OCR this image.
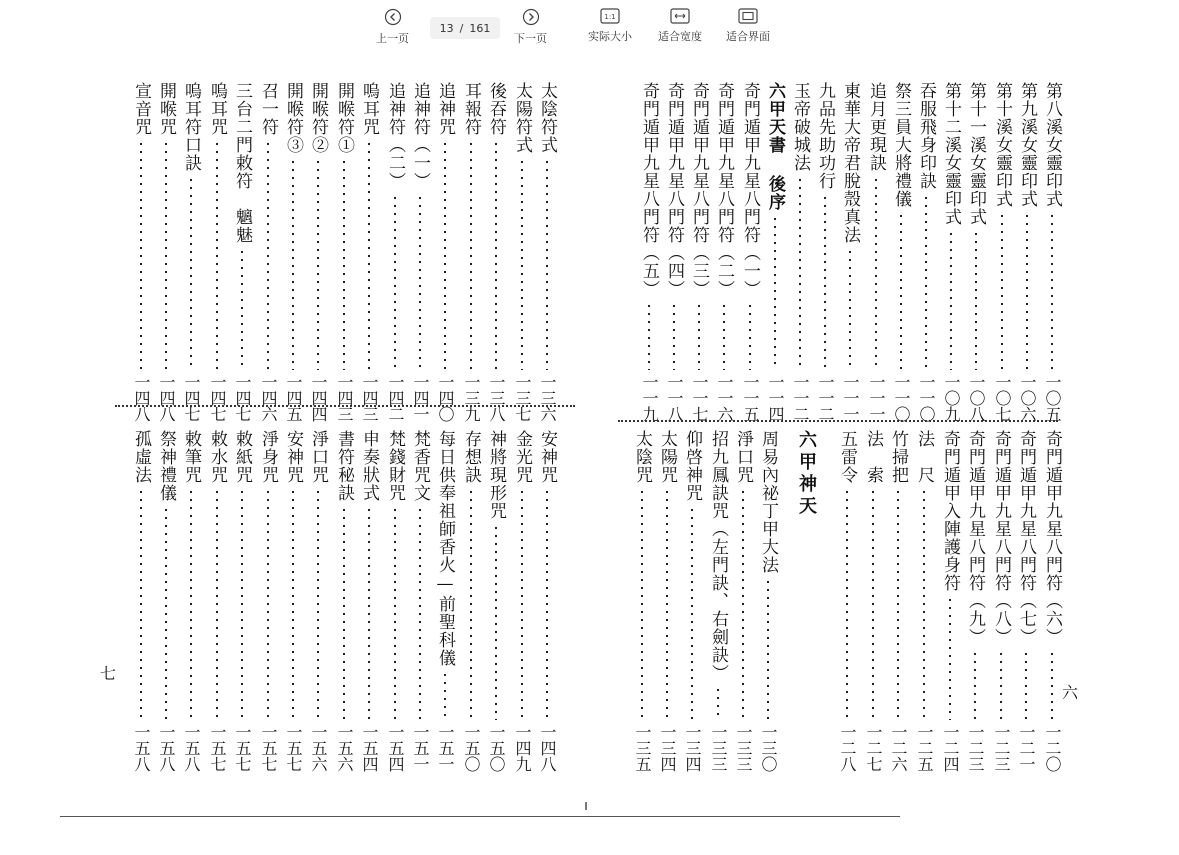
上一页
13 / 161
下一页
1:1
实际大小 适合宽度 适合界面
太陰符式
一三六
太陽符式
一三七
後吞符
一三八
耳報符
一三九
追神咒
一四〇
追神符（一）
一四一
追神符（二）
一四二
嗚耳咒
一四三
開喉符①
一四三
開喉符②
一四四
開喉符③
一四五
召一符
一四六
三台二門敕符　魑魅
一四七
嗚耳咒
一四七
嗚耳符口訣
一四七
開喉咒
一四八
宣音咒
一四八
安神咒
一四八
金光咒
一四九
神將現形咒
一五〇
存想訣
一五〇
每日供奉祖師香火—前聖科儀
一五一
梵香咒文
一五一
梵錢財咒
一五四
申奏狀式
一五四
書符秘訣
一五六
淨口咒
一五六
安神咒
一五七
淨身咒
一五七
敕紙咒
一五七
敕水咒
一五七
敕筆咒
一五八
祭神禮儀
一五八
孤虛法
一五八
第八溪女靈印式
一〇五
第九溪女靈印式
一〇六
第十溪女靈印式
一〇七
第十一溪女靈印式
一〇八
第十二溪女靈印式
一〇九
吞服飛身印訣
一一〇
祭三員大將禮儀
一一〇
追月更現訣
一一一
東華大帝君脫殼真法
一一一
九品先助功行
一一二
玉帝破城法
一一二
六甲天書 後序
一一四
奇門遁甲九星八門符（一）
一一五
奇門遁甲九星八門符（二）
一一六
奇門遁甲九星八門符（三）
一一七
奇門遁甲九星八門符（四）
一一八
奇門遁甲九星八門符（五）
一一九
奇門遁甲九星八門符（六）
一二〇
奇門遁甲九星八門符（七）
一二一
奇門遁甲九星八門符（八）
一二三
奇門遁甲九星八門符（九）
一二三
奇門遁甲入陣護身符
一二四
法　尺
一二五
竹掃把
一二六
法　索
一二七
五雷令
一二八
周易內祕丁甲大法
一三〇
淨口咒
一三三
招九鳳訣咒（左門訣、右劍訣）
一三三
仰啓神咒
一三四
太陽咒
一三四
太陰咒
一三五
六甲神天
七
六
